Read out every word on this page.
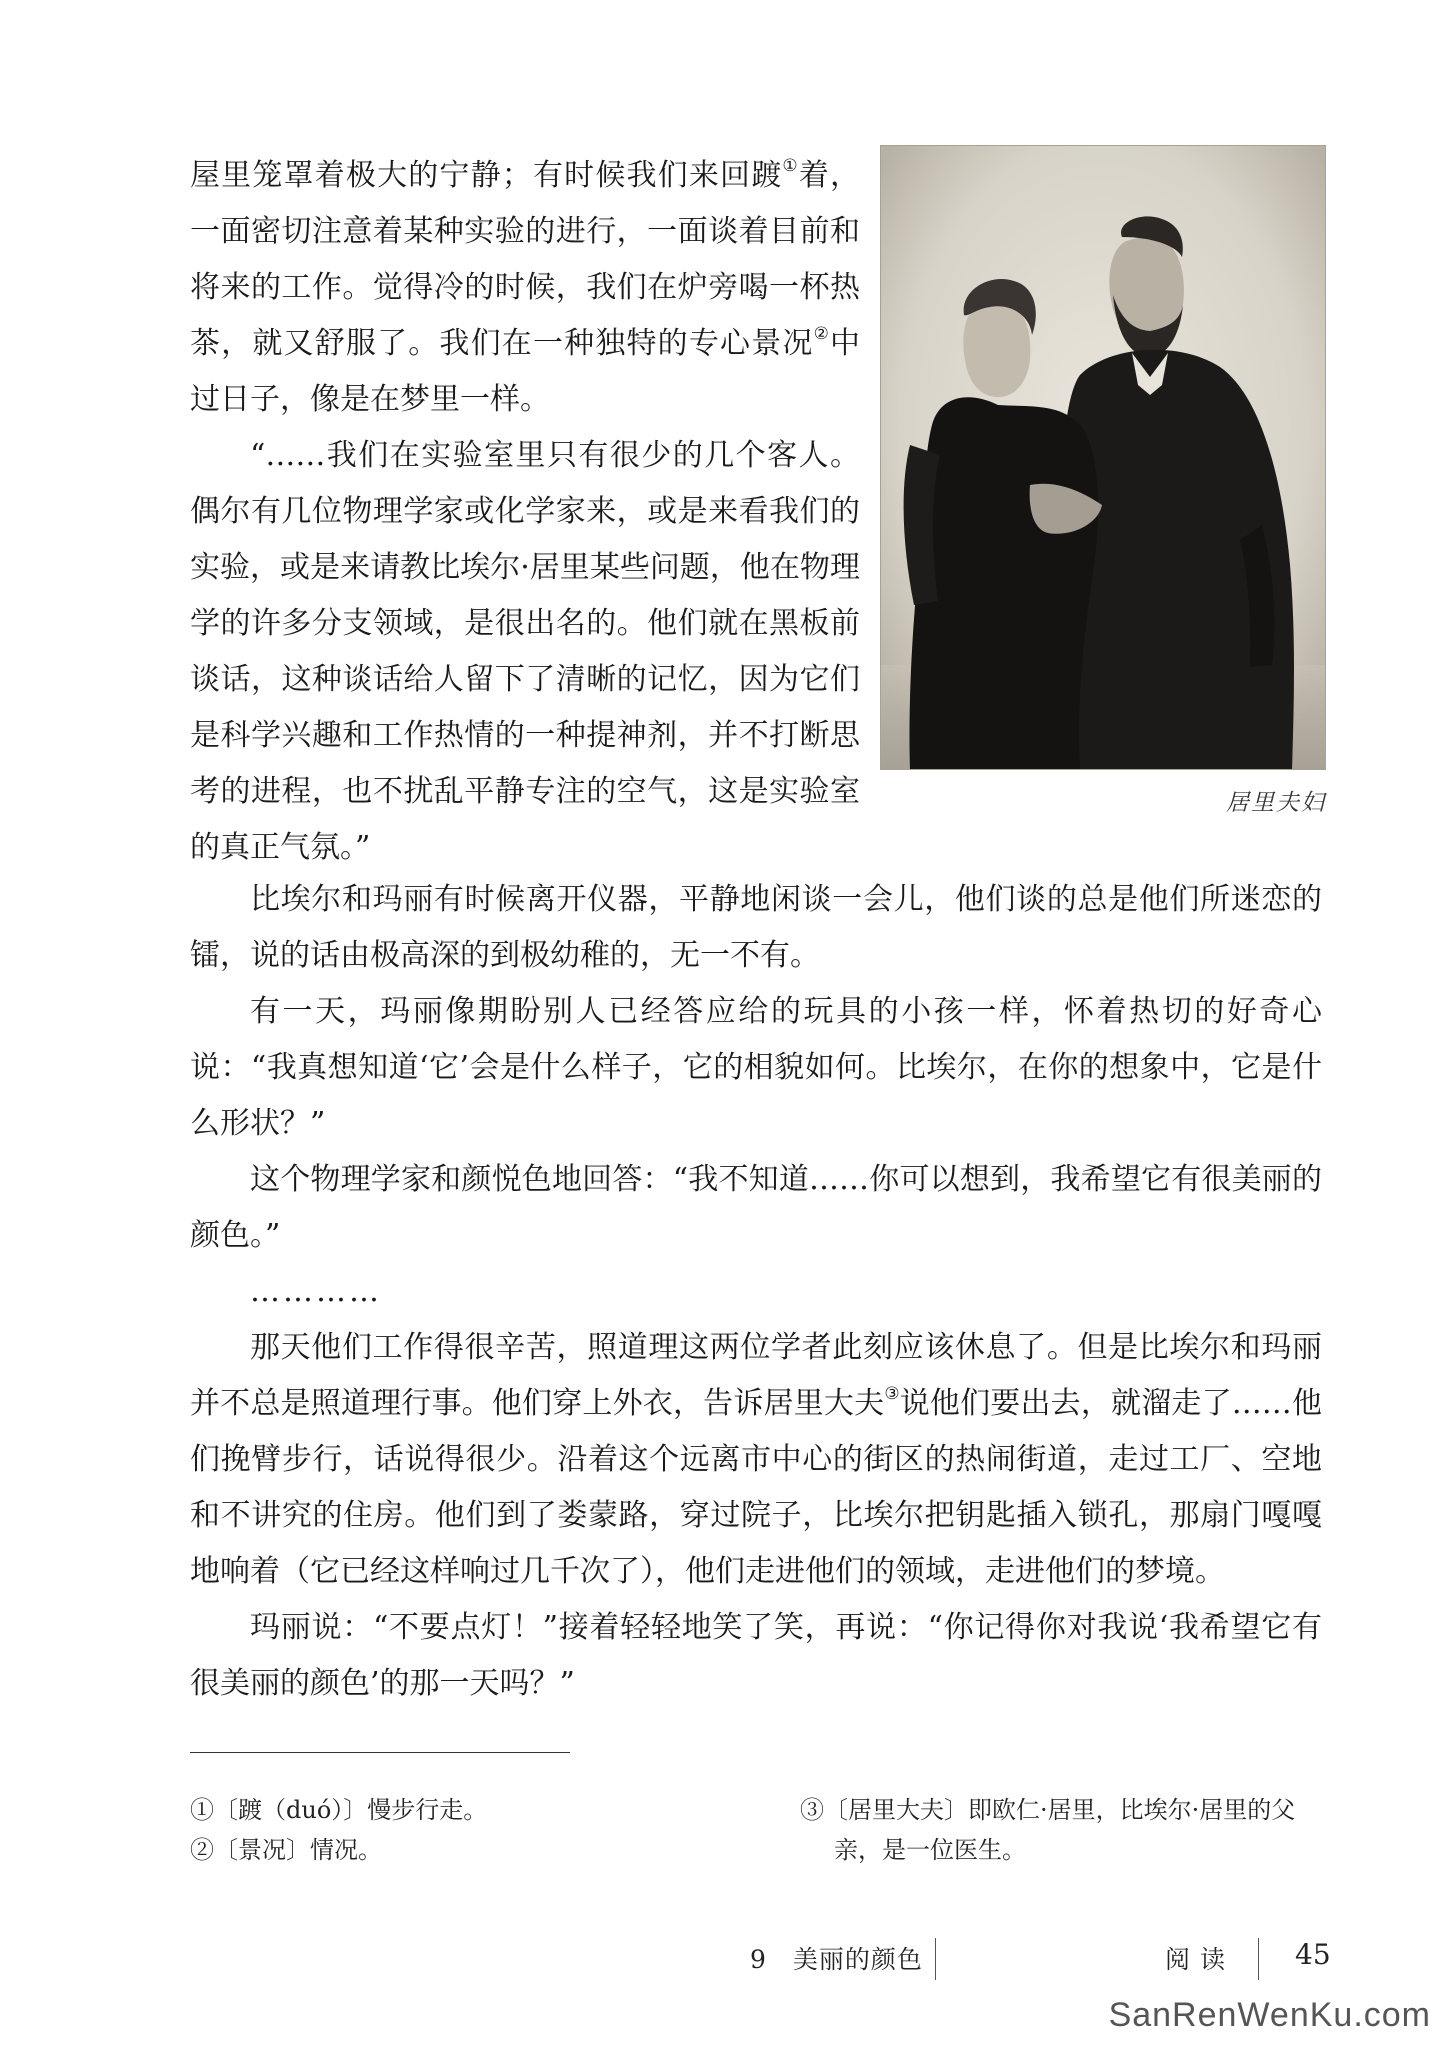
居里夫妇

屋里笼罩着极大的宁静；有时候我们来回踱①着，一面密切注意着某种实验的进行，一面谈着目前和将来的工作。觉得冷的时候，我们在炉旁喝一杯热茶，就又舒服了。我们在一种独特的专心景况②中过日子，像是在梦里一样。

“……我们在实验室里只有很少的几个客人。偶尔有几位物理学家或化学家来，或是来看我们的实验，或是来请教比埃尔·居里某些问题，他在物理学的许多分支领域，是很出名的。他们就在黑板前谈话，这种谈话给人留下了清晰的记忆，因为它们是科学兴趣和工作热情的一种提神剂，并不打断思考的进程，也不扰乱平静专注的空气，这是实验室的真正气氛。”

比埃尔和玛丽有时候离开仪器，平静地闲谈一会儿，他们谈的总是他们所迷恋的镭，说的话由极高深的到极幼稚的，无一不有。

有一天，玛丽像期盼别人已经答应给的玩具的小孩一样，怀着热切的好奇心说：“我真想知道‘它’会是什么样子，它的相貌如何。比埃尔，在你的想象中，它是什么形状？”

这个物理学家和颜悦色地回答：“我不知道……你可以想到，我希望它有很美丽的颜色。”

…………

那天他们工作得很辛苦，照道理这两位学者此刻应该休息了。但是比埃尔和玛丽并不总是照道理行事。他们穿上外衣，告诉居里大夫③说他们要出去，就溜走了……他们挽臂步行，话说得很少。沿着这个远离市中心的街区的热闹街道，走过工厂、空地和不讲究的住房。他们到了娄蒙路，穿过院子，比埃尔把钥匙插入锁孔，那扇门嘎嘎地响着（它已经这样响过几千次了），他们走进他们的领域，走进他们的梦境。

玛丽说：“不要点灯！”接着轻轻地笑了笑，再说：“你记得你对我说‘我希望它有很美丽的颜色’的那一天吗？”

①〔踱（duó）〕慢步行走。
②〔景况〕情况。
③〔居里大夫〕即欧仁·居里，比埃尔·居里的父亲，是一位医生。
9　美丽的颜色	阅读 45
SanRenWenKu.com
